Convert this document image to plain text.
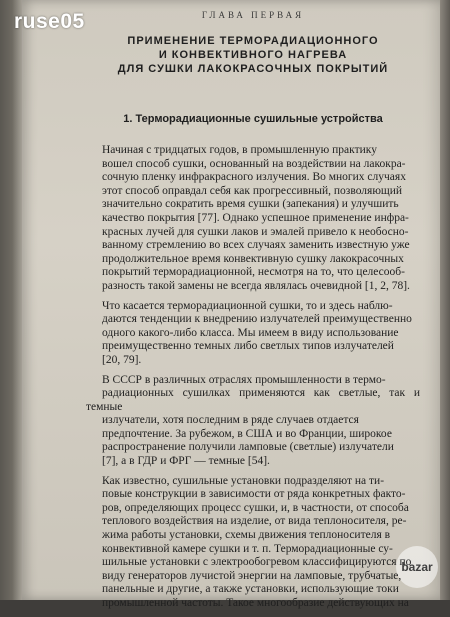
ruse05
bazar
ГЛАВА ПЕРВАЯ
ПРИМЕНЕНИЕ ТЕРМОРАДИАЦИОННОГО
И КОНВЕКТИВНОГО НАГРЕВА
ДЛЯ СУШКИ ЛАКОКРАСОЧНЫХ ПОКРЫТИЙ
1. Терморадиационные сушильные устройства
Начиная с тридцатых годов, в промышленную практику
вошел способ сушки, основанный на воздействии на лакокра-
сочную пленку инфракрасного излучения. Во многих случаях
этот способ оправдал себя как прогрессивный, позволяющий
значительно сократить время сушки (запекания) и улучшить
качество покрытия [77]. Однако успешное применение инфра-
красных лучей для сушки лаков и эмалей привело к необосно-
ванному стремлению во всех случаях заменить известную уже
продолжительное время конвективную сушку лакокрасочных
покрытий терморадиационной, несмотря на то, что целесооб-
разность такой замены не всегда являлась очевидной [1, 2, 78].
Что касается терморадиационной сушки, то и здесь наблю-
даются тенденции к внедрению излучателей преимущественно
одного какого-либо класса. Мы имеем в виду использование
преимущественно темных либо светлых типов излучателей
[20, 79].
В СССР в различных отраслях промышленности в термо-
радиационных сушилках применяются как светлые, так и темные
излучатели, хотя последним в ряде случаев отдается
предпочтение. За рубежом, в США и во Франции, широкое
распространение получили ламповые (светлые) излучатели
[7], а в ГДР и ФРГ — темные [54].
Как известно, сушильные установки подразделяют на ти-
повые конструкции в зависимости от ряда конкретных факто-
ров, определяющих процесс сушки, и, в частности, от способа
теплового воздействия на изделие, от вида теплоносителя, ре-
жима работы установки, схемы движения теплоносителя в
конвективной камере сушки и т. п. Терморадиационные су-
шильные установки с электрообогревом классифицируются по
виду генераторов лучистой энергии на ламповые, трубчатые,
панельные и другие, а также установки, использующие токи
промышленной частоты. Такое многообразие действующих на
